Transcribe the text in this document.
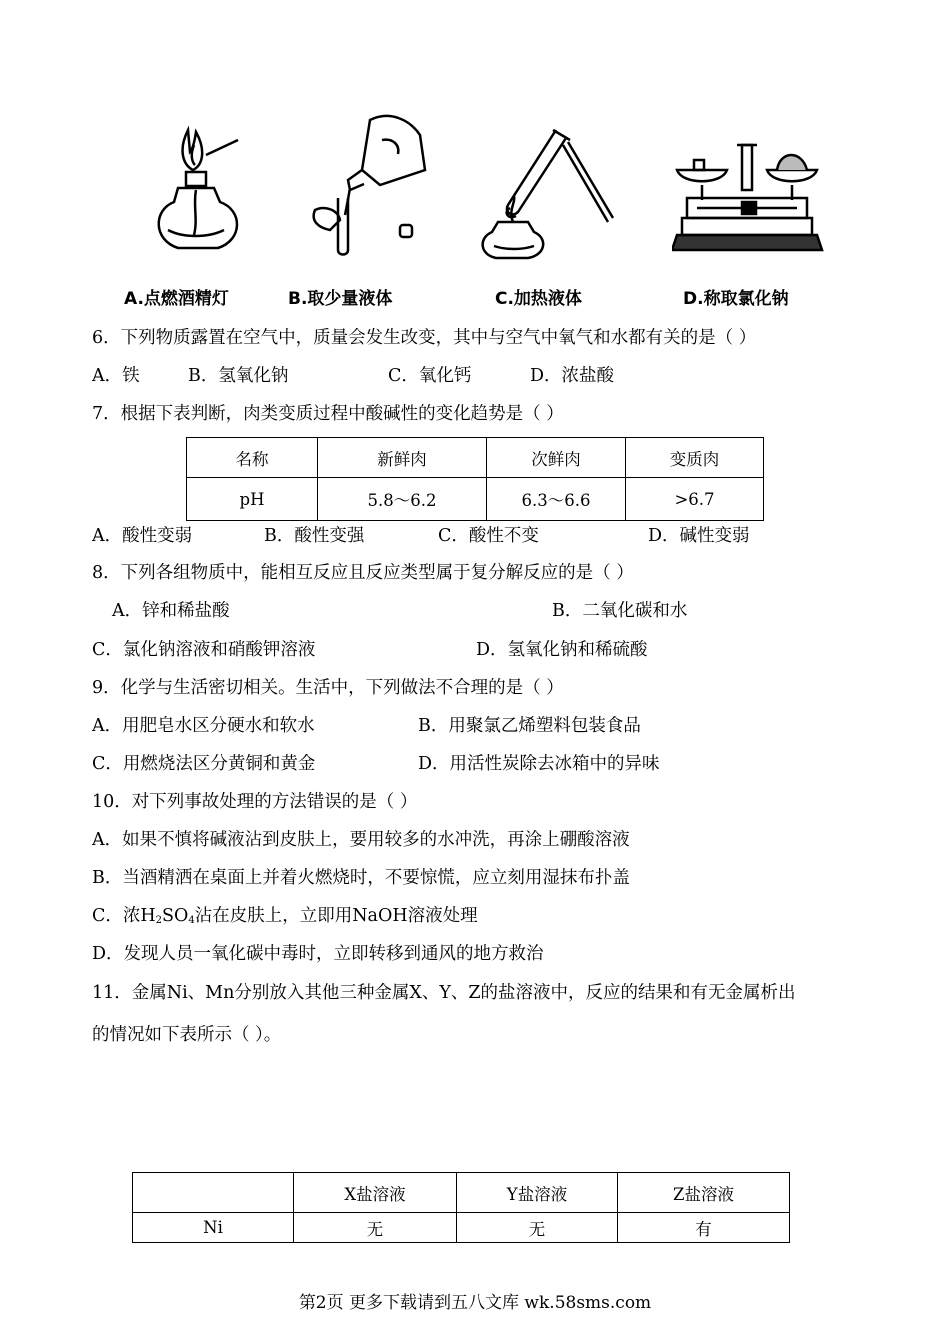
A.点燃酒精灯	B.取少量液体	C.加热液体	D.称取氯化钠
6．下列物质露置在空气中，质量会发生改变，其中与空气中氧气和水都有关的是（ ）
A．铁	B．氢氧化钠	C．氧化钙	D．浓盐酸
7．根据下表判断，肉类变质过程中酸碱性的变化趋势是（ ）
名称	新鲜肉	次鲜肉	变质肉
pH	5.8～6.2	6.3～6.6	>6.7
A．酸性变弱	B．酸性变强	C．酸性不变	D．碱性变弱
8．下列各组物质中，能相互反应且反应类型属于复分解反应的是（ ）
A．锌和稀盐酸	B．二氧化碳和水
C．氯化钠溶液和硝酸钾溶液	D．氢氧化钠和稀硫酸
9．化学与生活密切相关。生活中，下列做法不合理的是（ ）
A．用肥皂水区分硬水和软水	B．用聚氯乙烯塑料包装食品
C．用燃烧法区分黄铜和黄金	D．用活性炭除去冰箱中的异味
10．对下列事故处理的方法错误的是（ ）
A．如果不慎将碱液沾到皮肤上，要用较多的水冲洗，再涂上硼酸溶液
B．当酒精洒在桌面上并着火燃烧时，不要惊慌，应立刻用湿抹布扑盖
C．浓$H_2SO_4$沾在皮肤上，立即用NaOH溶液处理
D．发现人员一氧化碳中毒时，立即转移到通风的地方救治
11．金属Ni、Mn分别放入其他三种金属X、Y、Z的盐溶液中，反应的结果和有无金属析出
的情况如下表所示（ ）。
	X盐溶液	Y盐溶液	Z盐溶液
Ni	无	无	有
第2页 更多下载请到五八文库 wk.58sms.com
